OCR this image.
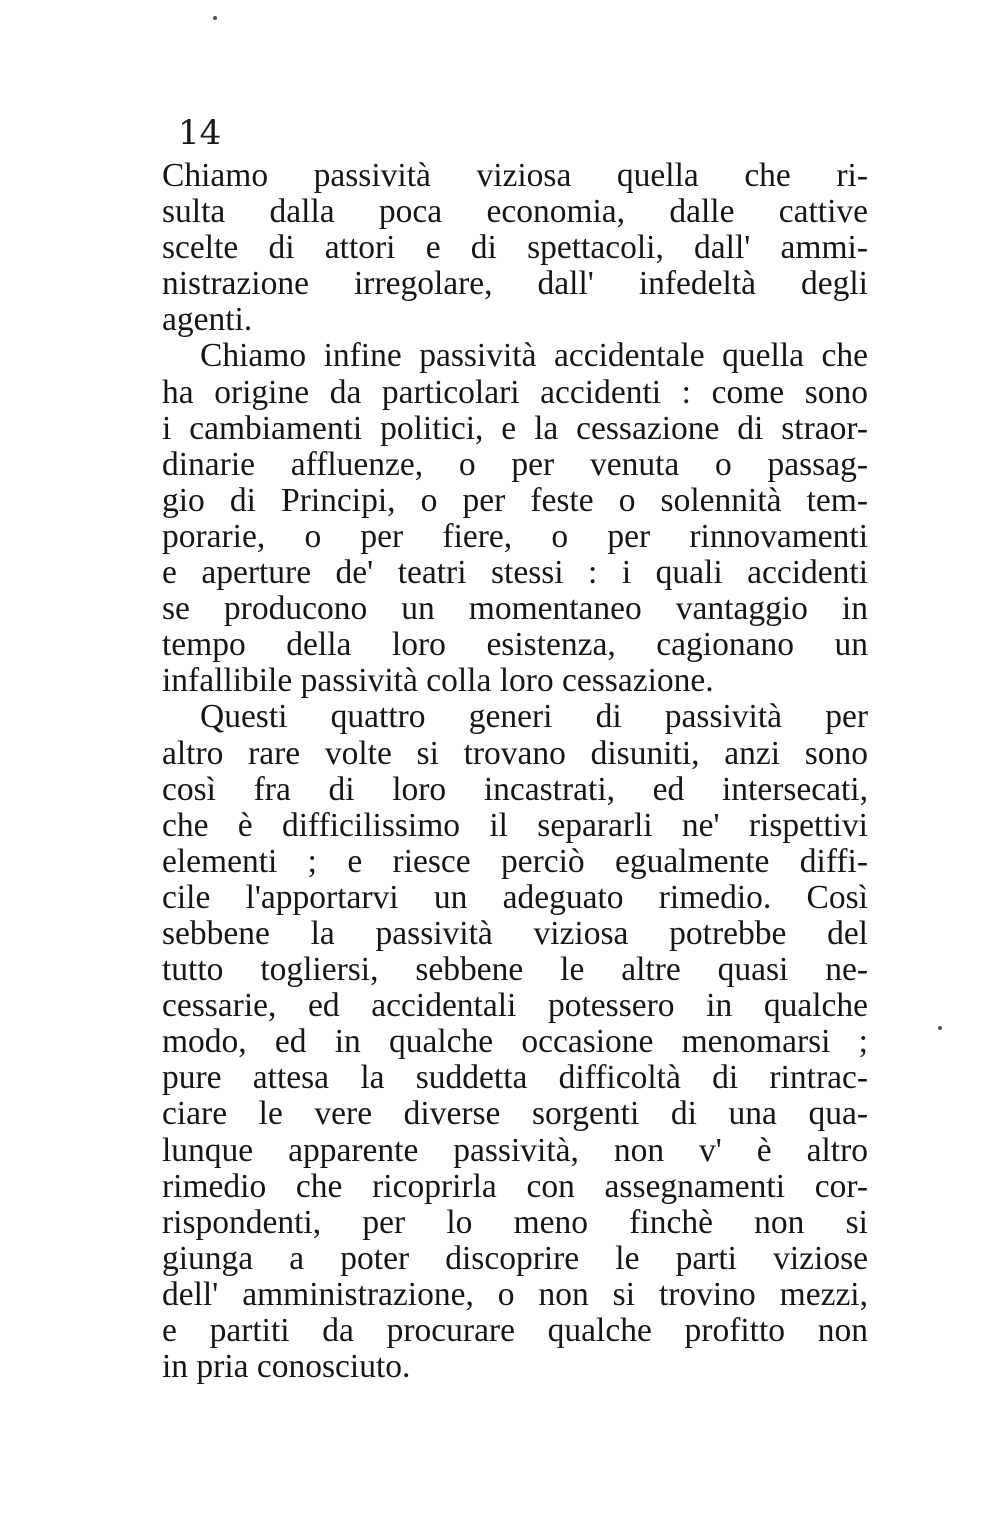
14
Chiamo passività viziosa quella che ri-
sulta dalla poca economia, dalle cattive
scelte di attori e di spettacoli, dall' ammi-
nistrazione irregolare, dall' infedeltà degli
agenti.
Chiamo infine passività accidentale quella che
ha origine da particolari accidenti : come sono
i cambiamenti politici, e la cessazione di straor-
dinarie affluenze, o per venuta o passag-
gio di Principi, o per feste o solennità tem-
porarie, o per fiere, o per rinnovamenti
e aperture de' teatri stessi : i quali accidenti
se producono un momentaneo vantaggio in
tempo della loro esistenza, cagionano un
infallibile passività colla loro cessazione.
Questi quattro generi di passività per
altro rare volte si trovano disuniti, anzi sono
così fra di loro incastrati, ed intersecati,
che è difficilissimo il separarli ne' rispettivi
elementi ; e riesce perciò egualmente diffi-
cile l'apportarvi un adeguato rimedio. Così
sebbene la passività viziosa potrebbe del
tutto togliersi, sebbene le altre quasi ne-
cessarie, ed accidentali potessero in qualche
modo, ed in qualche occasione menomarsi ;
pure attesa la suddetta difficoltà di rintrac-
ciare le vere diverse sorgenti di una qua-
lunque apparente passività, non v' è altro
rimedio che ricoprirla con assegnamenti cor-
rispondenti, per lo meno finchè non si
giunga a poter discoprire le parti viziose
dell' amministrazione, o non si trovino mezzi,
e partiti da procurare qualche profitto non
in pria conosciuto.
